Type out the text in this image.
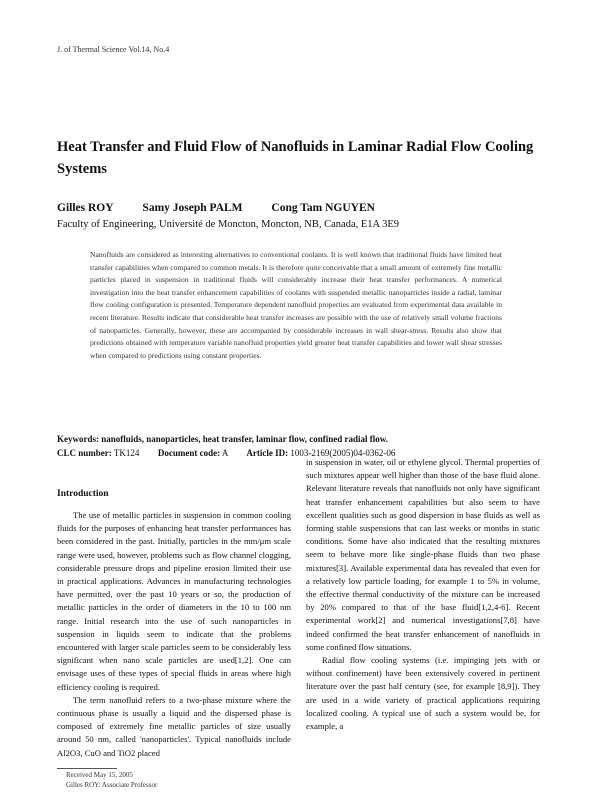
J. of Thermal Science Vol.14, No.4
Heat Transfer and Fluid Flow of Nanofluids in Laminar Radial Flow Cooling Systems
Gilles ROY	Samy Joseph PALM	Cong Tam NGUYEN
Faculty of Engineering, Université de Moncton, Moncton, NB, Canada, E1A 3E9

Nanofluids are considered as interesting alternatives to conventional coolants. It is well known that traditional fluids have limited heat transfer capabilities when compared to common metals. It is therefore quite conceivable that a small amount of extremely fine metallic particles placed in suspension in traditional fluids will considerably increase their heat transfer performances. A numerical investigation into the heat transfer enhancement capabilities of coolants with suspended metallic nanoparticles inside a radial, laminar flow cooling configuration is presented. Temperature dependent nanofluid properties are evaluated from experimental data available in recent literature. Results indicate that considerable heat transfer increases are possible with the use of relatively small volume fractions of nanoparticles. Generally, however, these are accompanied by considerable increases in wall shear-stress. Results also show that predictions obtained with temperature variable nanofluid properties yield greater heat transfer capabilities and lower wall shear stresses when compared to predictions using constant properties.

Keywords: nanofluids, nanoparticles, heat transfer, laminar flow, confined radial flow.
CLC number: TK124 Document code: A Article ID: 1003-2169(2005)04-0362-06
Introduction

The use of metallic particles in suspension in common cooling fluids for the purposes of enhancing heat transfer performances has been considered in the past. Initially, particles in the mm/μm scale range were used, however, problems such as flow channel clogging, considerable pressure drops and pipeline erosion limited their use in practical applications. Advances in manufacturing technologies have permitted, over the past 10 years or so, the production of metallic particles in the order of diameters in the 10 to 100 nm range. Initial research into the use of such nanoparticles in suspension in liquids seem to indicate that the problems encountered with larger scale particles seem to be considerably less significant when nano scale particles are used[1,2]. One can envisage uses of these types of special fluids in areas where high efficiency cooling is required.

The term nanofluid refers to a two-phase mixture where the continuous phase is usually a liquid and the dispersed phase is composed of extremely fine metallic particles of size usually around 50 nm, called 'nanoparticles'. Typical nanofluids include Al2O3, CuO and TiO2 placed

in suspension in water, oil or ethylene glycol. Thermal properties of such mixtures appear well higher than those of the base fluid alone. Relevant literature reveals that nanofluids not only have significant heat transfer enhancement capabilities but also seem to have excellent qualities such as good dispersion in base fluids as well as forming stable suspensions that can last weeks or months in static conditions. Some have also indicated that the resulting mixtures seem to behave more like single-phase fluids than two phase mixtures[3]. Available experimental data has revealed that even for a relatively low particle loading, for example 1 to 5% in volume, the effective thermal conductivity of the mixture can be increased by 20% compared to that of the base fluid[1,2,4-6]. Recent experimental work[2] and numerical investigations[7,8] have indeed confirmed the heat transfer enhancement of nanofluids in some confined flow situations.

Radial flow cooling systems (i.e. impinging jets with or without confinement) have been extensively covered in pertinent literature over the past half century (see, for example [8,9]). They are used in a wide variety of practical applications requiring localized cooling. A typical use of such a system would be, for example, a

Received May 15, 2005
Gilles ROY: Associate Professor
